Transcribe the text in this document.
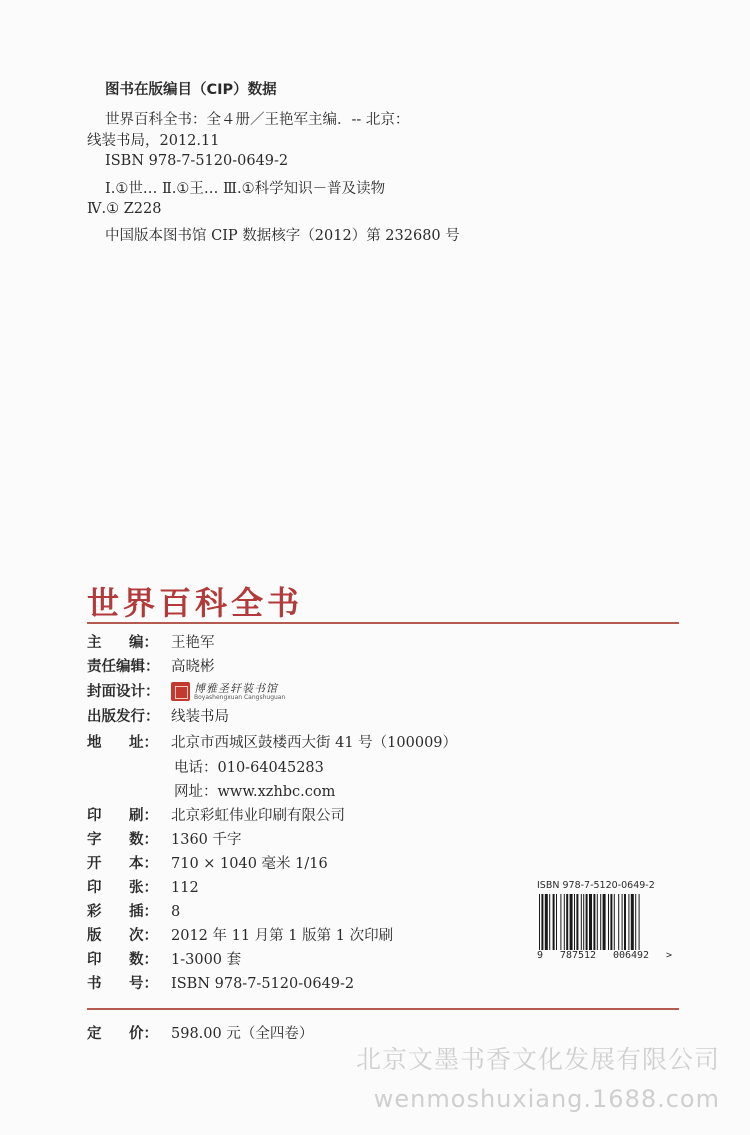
图书在版编目（CIP）数据
世界百科全书：全４册／王艳军主编．-- 北京：
线装书局，2012.11
ISBN 978-7-5120-0649-2
Ⅰ.①世… Ⅱ.①王… Ⅲ.①科学知识－普及读物
Ⅳ.① Z228
中国版本图书馆 CIP 数据核字（2012）第 232680 号
世界百科全书
主 编： 王艳军
责任编辑： 高晓彬
封面设计：	博雅圣轩装书馆
Boyashengxuan Cangshuguan
出版发行： 线装书局
地 址： 北京市西城区鼓楼西大街 41 号（100009）
电话：010-64045283
网址：www.xzhbc.com
印 刷： 北京彩虹伟业印刷有限公司
字 数： 1360 千字
开 本： 710 × 1040 毫米 1/16
印 张： 112
彩 插： 8
版 次： 2012 年 11 月第 1 版第 1 次印刷
印 数： 1-3000 套
书 号： ISBN 978-7-5120-0649-2
定 价： 598.00 元（全四卷）
ISBN 978-7-5120-0649-2
9 787512 006492 >
北京文墨书香文化发展有限公司
wenmoshuxiang.1688.com
